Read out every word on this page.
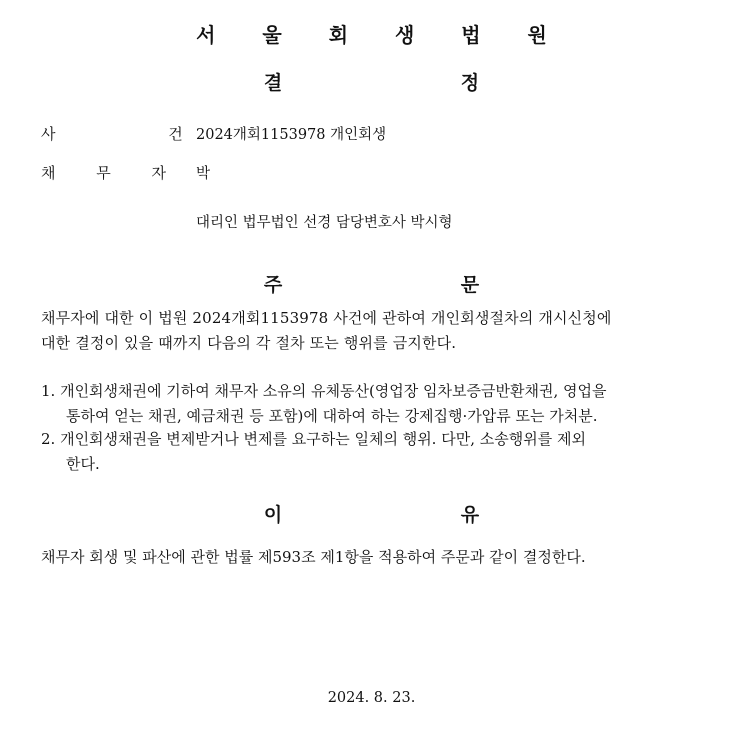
서 울 회 생 법 원
결 정
사 건
2024개회1153978 개인회생
채 무 자 박
대리인 법무법인 선경 담당변호사 박시형
주 문
채무자에 대한 이 법원 2024개회1153978 사건에 관하여 개인회생절차의 개시신청에
대한 결정이 있을 때까지 다음의 각 절차 또는 행위를 금지한다.
1. 개인회생채권에 기하여 채무자 소유의 유체동산(영업장 임차보증금반환채권, 영업을
통하여 얻는 채권, 예금채권 등 포함)에 대하여 하는 강제집행·가압류 또는 가처분.
2. 개인회생채권을 변제받거나 변제를 요구하는 일체의 행위. 다만, 소송행위를 제외
한다.
이 유
채무자 회생 및 파산에 관한 법률 제593조 제1항을 적용하여 주문과 같이 결정한다.
2024. 8. 23.
